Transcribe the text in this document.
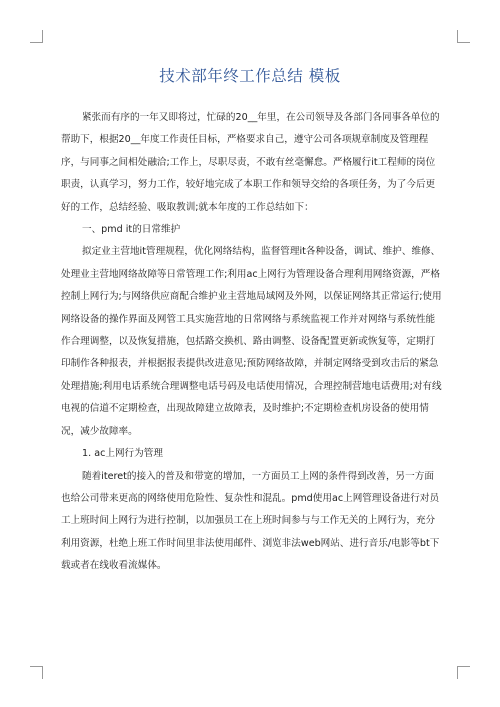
技术部年终工作总结 模板

紧张而有序的一年又即将过，忙碌的20__年里，在公司领导及各部门各同事各单位的帮助下，根据20__年度工作责任目标，严格要求自己，遵守公司各项规章制度及管理程序，与同事之间相处融洽;工作上，尽职尽责，不敢有丝毫懈怠。严格履行it工程师的岗位职责，认真学习，努力工作，较好地完成了本职工作和领导交给的各项任务，为了今后更好的工作，总结经验、吸取教训;就本年度的工作总结如下：

一、pmd it的日常维护

拟定业主营地it管理规程，优化网络结构，监督管理it各种设备，调试、维护、维修、处理业主营地网络故障等日常管理工作;利用ac上网行为管理设备合理利用网络资源，严格控制上网行为;与网络供应商配合维护业主营地局域网及外网，以保证网络其正常运行;使用网络设备的操作界面及网管工具实施营地的日常网络与系统监视工作并对网络与系统性能作合理调整，以及恢复措施，包括路交换机、路由调整、设备配置更新或恢复等，定期打印制作各种报表，并根据报表提供改进意见;预防网络故障，并制定网络受到攻击后的紧急处理措施;利用电话系统合理调整电话号码及电话使用情况，合理控制营地电话费用;对有线电视的信道不定期检查，出现故障建立故障表，及时维护;不定期检查机房设备的使用情况，减少故障率。

1. ac上网行为管理

随着iteret的接入的普及和带宽的增加，一方面员工上网的条件得到改善，另一方面也给公司带来更高的网络使用危险性、复杂性和混乱。pmd使用ac上网管理设备进行对员工上班时间上网行为进行控制，以加强员工在上班时间参与与工作无关的上网行为，充分利用资源，杜绝上班工作时间里非法使用邮件、浏览非法web网站、进行音乐/电影等bt下载或者在线收看流媒体。
